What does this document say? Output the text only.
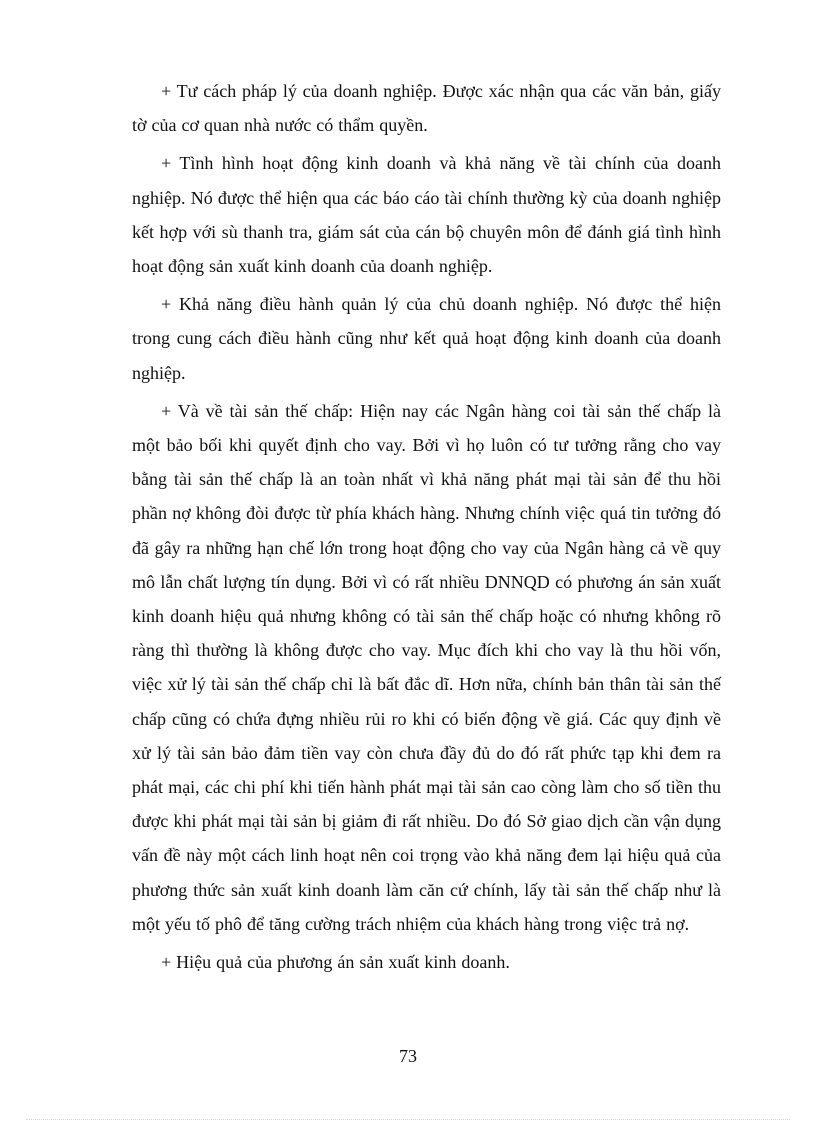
+ Tư cách pháp lý của doanh nghiệp. Được xác nhận qua các văn bản, giấy tờ của cơ quan nhà nước có thẩm quyền.

+ Tình hình hoạt động kinh doanh và khả năng về tài chính của doanh nghiệp. Nó được thể hiện qua các báo cáo tài chính thường kỳ của doanh nghiệp kết hợp với sù thanh tra, giám sát của cán bộ chuyên môn để đánh giá tình hình hoạt động sản xuất kinh doanh của doanh nghiệp.

+ Khả năng điều hành quản lý của chủ doanh nghiệp. Nó được thể hiện trong cung cách điều hành cũng như kết quả hoạt động kinh doanh của doanh nghiệp.

+ Và về tài sản thế chấp: Hiện nay các Ngân hàng coi tài sản thế chấp là một bảo bối khi quyết định cho vay. Bởi vì họ luôn có tư tưởng rằng cho vay bằng tài sản thế chấp là an toàn nhất vì khả năng phát mại tài sản để thu hồi phần nợ không đòi được từ phía khách hàng. Nhưng chính việc quá tin tưởng đó đã gây ra những hạn chế lớn trong hoạt động cho vay của Ngân hàng cả về quy mô lẫn chất lượng tín dụng. Bởi vì có rất nhiều DNNQD có phương án sản xuất kinh doanh hiệu quả nhưng không có tài sản thế chấp hoặc có nhưng không rõ ràng thì thường là không được cho vay. Mục đích khi cho vay là thu hồi vốn, việc xử lý tài sản thế chấp chỉ là bất đắc dĩ. Hơn nữa, chính bản thân tài sản thế chấp cũng có chứa đựng nhiều rủi ro khi có biến động về giá. Các quy định về xử lý tài sản bảo đảm tiền vay còn chưa đầy đủ do đó rất phức tạp khi đem ra phát mại, các chi phí khi tiến hành phát mại tài sản cao còng làm cho số tiền thu được khi phát mại tài sản bị giảm đi rất nhiều. Do đó Sở giao dịch cần vận dụng vấn đề này một cách linh hoạt nên coi trọng vào khả năng đem lại hiệu quả của phương thức sản xuất kinh doanh làm căn cứ chính, lấy tài sản thế chấp như là một yếu tố phô để tăng cường trách nhiệm của khách hàng trong việc trả nợ.

+ Hiệu quả của phương án sản xuất kinh doanh.

73
